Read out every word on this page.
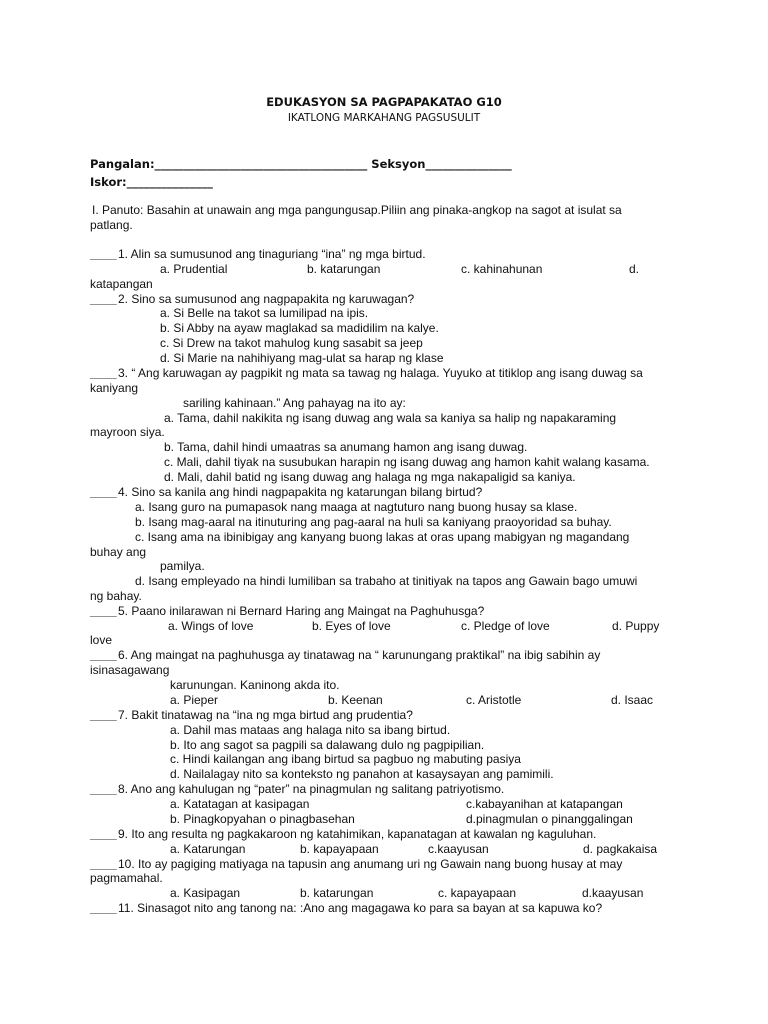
EDUKASYON SA PAGPAPAKATAO G10
IKATLONG MARKAHANG PAGSUSULIT
Pangalan:_____________________________________ Seksyon_______________
Iskor:_______________
I. Panuto: Basahin at unawain ang mga pangungusap.Piliin ang pinaka-angkop na sagot at isulat sa
patlang.
____ 1. Alin sa sumusunod ang tinaguriang “ina” ng mga birtud.
a. Prudential	b. katarungan	c. kahinahunan	d.
katapangan
____ 2. Sino sa sumusunod ang nagpapakita ng karuwagan?
a. Si Belle na takot sa lumilipad na ipis.
b. Si Abby na ayaw maglakad sa madidilim na kalye.
c. Si Drew na takot mahulog kung sasabit sa jeep
d. Si Marie na nahihiyang mag-ulat sa harap ng klase
____ 3. “ Ang karuwagan ay pagpikit ng mata sa tawag ng halaga. Yuyuko at titiklop ang isang duwag sa
kaniyang
sariling kahinaan.” Ang pahayag na ito ay:
a. Tama, dahil nakikita ng isang duwag ang wala sa kaniya sa halip ng napakaraming
mayroon siya.
b. Tama, dahil hindi umaatras sa anumang hamon ang isang duwag.
c. Mali, dahil tiyak na susubukan harapin ng isang duwag ang hamon kahit walang kasama.
d. Mali, dahil batid ng isang duwag ang halaga ng mga nakapaligid sa kaniya.
____ 4. Sino sa kanila ang hindi nagpapakita ng katarungan bilang birtud?
a. Isang guro na pumapasok nang maaga at nagtuturo nang buong husay sa klase.
b. Isang mag-aaral na itinuturing ang pag-aaral na huli sa kaniyang praoyoridad sa buhay.
c. Isang ama na ibinibigay ang kanyang buong lakas at oras upang mabigyan ng magandang
buhay ang
pamilya.
d. Isang empleyado na hindi lumiliban sa trabaho at tinitiyak na tapos ang Gawain bago umuwi
ng bahay.
____ 5. Paano inilarawan ni Bernard Haring ang Maingat na Paghuhusga?
a. Wings of love	b. Eyes of love	c. Pledge of love	d. Puppy
love
____ 6. Ang maingat na paghuhusga ay tinatawag na “ karunungang praktikal” na ibig sabihin ay
isinasagawang
karunungan. Kaninong akda ito.
a. Pieper	b. Keenan	c. Aristotle	d. Isaac
____ 7. Bakit tinatawag na “ina ng mga birtud ang prudentia?
a. Dahil mas mataas ang halaga nito sa ibang birtud.
b. Ito ang sagot sa pagpili sa dalawang dulo ng pagpipilian.
c. Hindi kailangan ang ibang birtud sa pagbuo ng mabuting pasiya
d. Nailalagay nito sa konteksto ng panahon at kasaysayan ang pamimili.
____ 8. Ano ang kahulugan ng “pater” na pinagmulan ng salitang patriyotismo.
a. Katatagan at kasipagan	c.kabayanihan at katapangan
b. Pinagkopyahan o pinagbasehan	d.pinagmulan o pinanggalingan
____ 9. Ito ang resulta ng pagkakaroon ng katahimikan, kapanatagan at kawalan ng kaguluhan.
a. Katarungan	b. kapayapaan	c.kaayusan	d. pagkakaisa
____ 10. Ito ay pagiging matiyaga na tapusin ang anumang uri ng Gawain nang buong husay at may
pagmamahal.
a. Kasipagan	b. katarungan	c. kapayapaan	d.kaayusan
____ 11. Sinasagot nito ang tanong na: :Ano ang magagawa ko para sa bayan at sa kapuwa ko?
